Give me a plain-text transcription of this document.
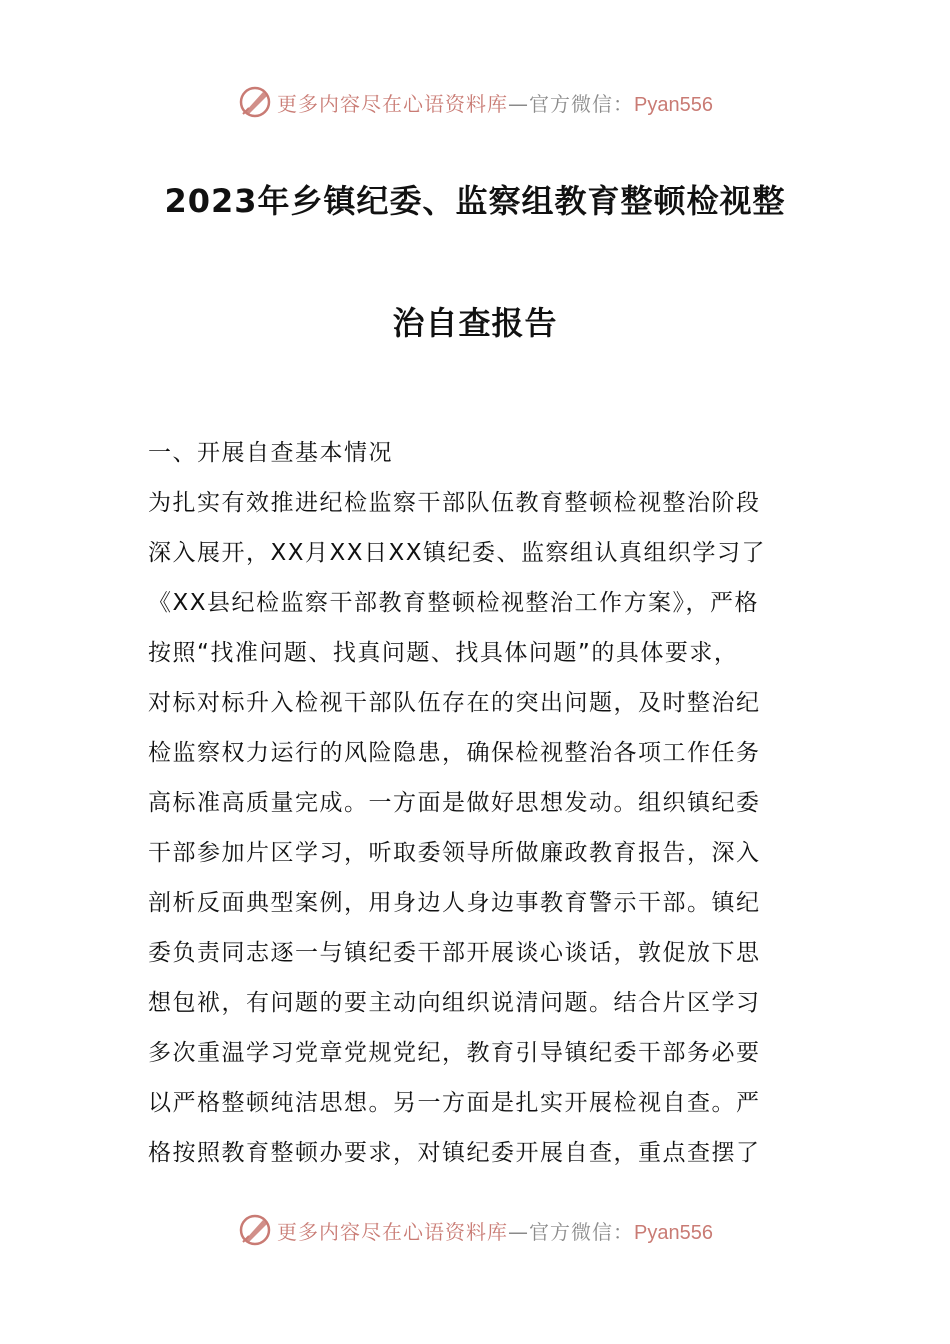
更多内容尽在心语资料库—官方微信：Pyan556
2023年乡镇纪委、监察组教育整顿检视整
治自查报告
一、开展自查基本情况
为扎实有效推进纪检监察干部队伍教育整顿检视整治阶段
深入展开，XX月XX日XX镇纪委、监察组认真组织学习了
《XX县纪检监察干部教育整顿检视整治工作方案》，严格
按照“找准问题、找真问题、找具体问题”的具体要求，
对标对标升入检视干部队伍存在的突出问题，及时整治纪
检监察权力运行的风险隐患，确保检视整治各项工作任务
高标准高质量完成。一方面是做好思想发动。组织镇纪委
干部参加片区学习，听取委领导所做廉政教育报告，深入
剖析反面典型案例，用身边人身边事教育警示干部。镇纪
委负责同志逐一与镇纪委干部开展谈心谈话，敦促放下思
想包袱，有问题的要主动向组织说清问题。结合片区学习
多次重温学习党章党规党纪，教育引导镇纪委干部务必要
以严格整顿纯洁思想。另一方面是扎实开展检视自查。严
格按照教育整顿办要求，对镇纪委开展自查，重点查摆了
更多内容尽在心语资料库—官方微信：Pyan556
